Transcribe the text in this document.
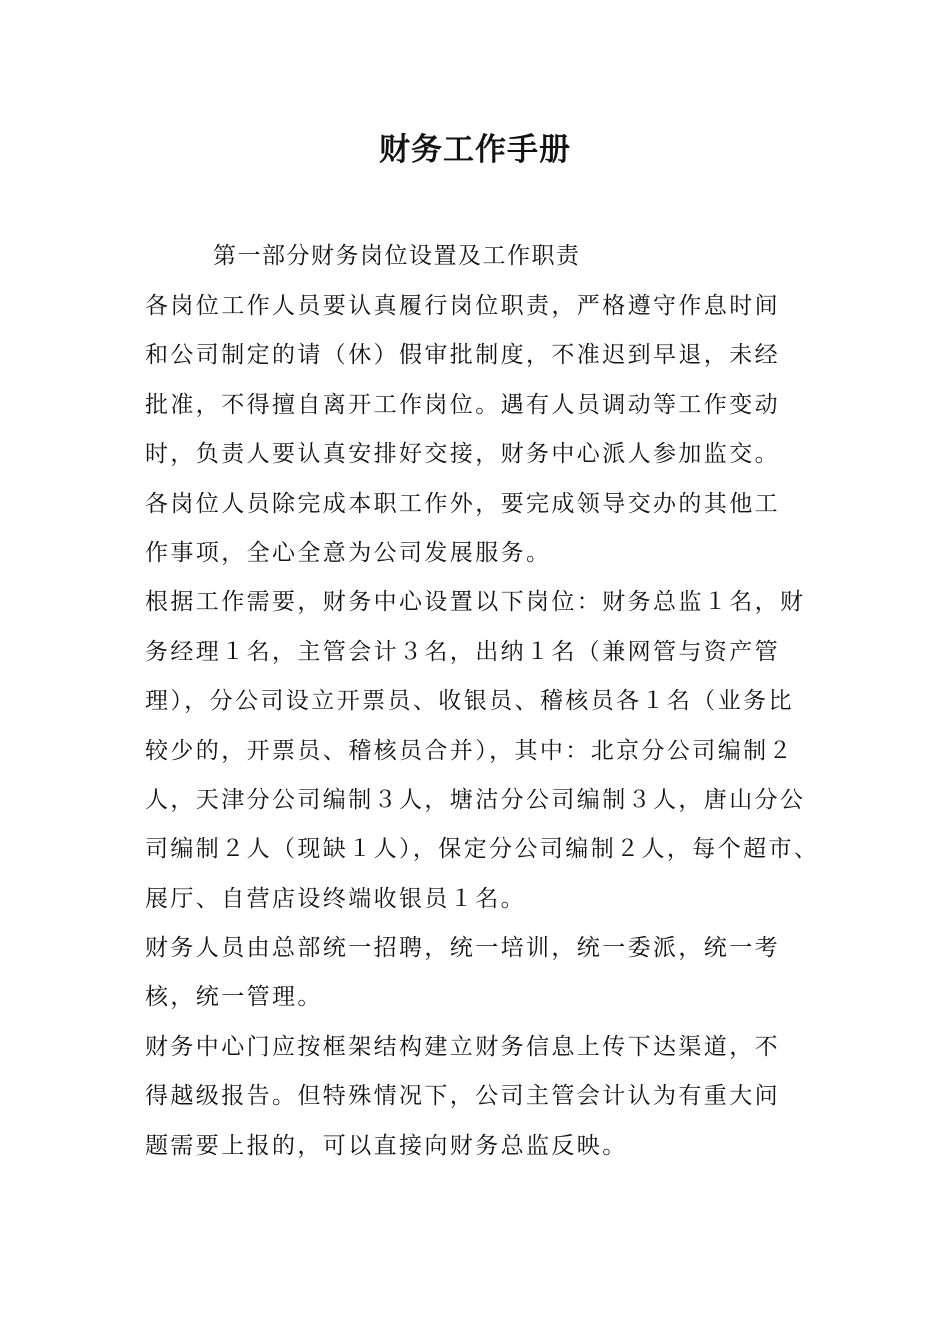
财务工作手册
第一部分财务岗位设置及工作职责
各岗位工作人员要认真履行岗位职责，严格遵守作息时间
和公司制定的请（休）假审批制度，不准迟到早退，未经
批准，不得擅自离开工作岗位。遇有人员调动等工作变动
时，负责人要认真安排好交接，财务中心派人参加监交。
各岗位人员除完成本职工作外，要完成领导交办的其他工
作事项，全心全意为公司发展服务。
根据工作需要，财务中心设置以下岗位：财务总监１名，财
务经理１名，主管会计３名，出纳１名（兼网管与资产管
理），分公司设立开票员、收银员、稽核员各１名（业务比
较少的，开票员、稽核员合并），其中：北京分公司编制２
人，天津分公司编制３人，塘沽分公司编制３人，唐山分公
司编制２人（现缺１人），保定分公司编制２人，每个超市、
展厅、自营店设终端收银员１名。
财务人员由总部统一招聘，统一培训，统一委派，统一考
核，统一管理。
财务中心门应按框架结构建立财务信息上传下达渠道，不
得越级报告。但特殊情况下，公司主管会计认为有重大问
题需要上报的，可以直接向财务总监反映。
